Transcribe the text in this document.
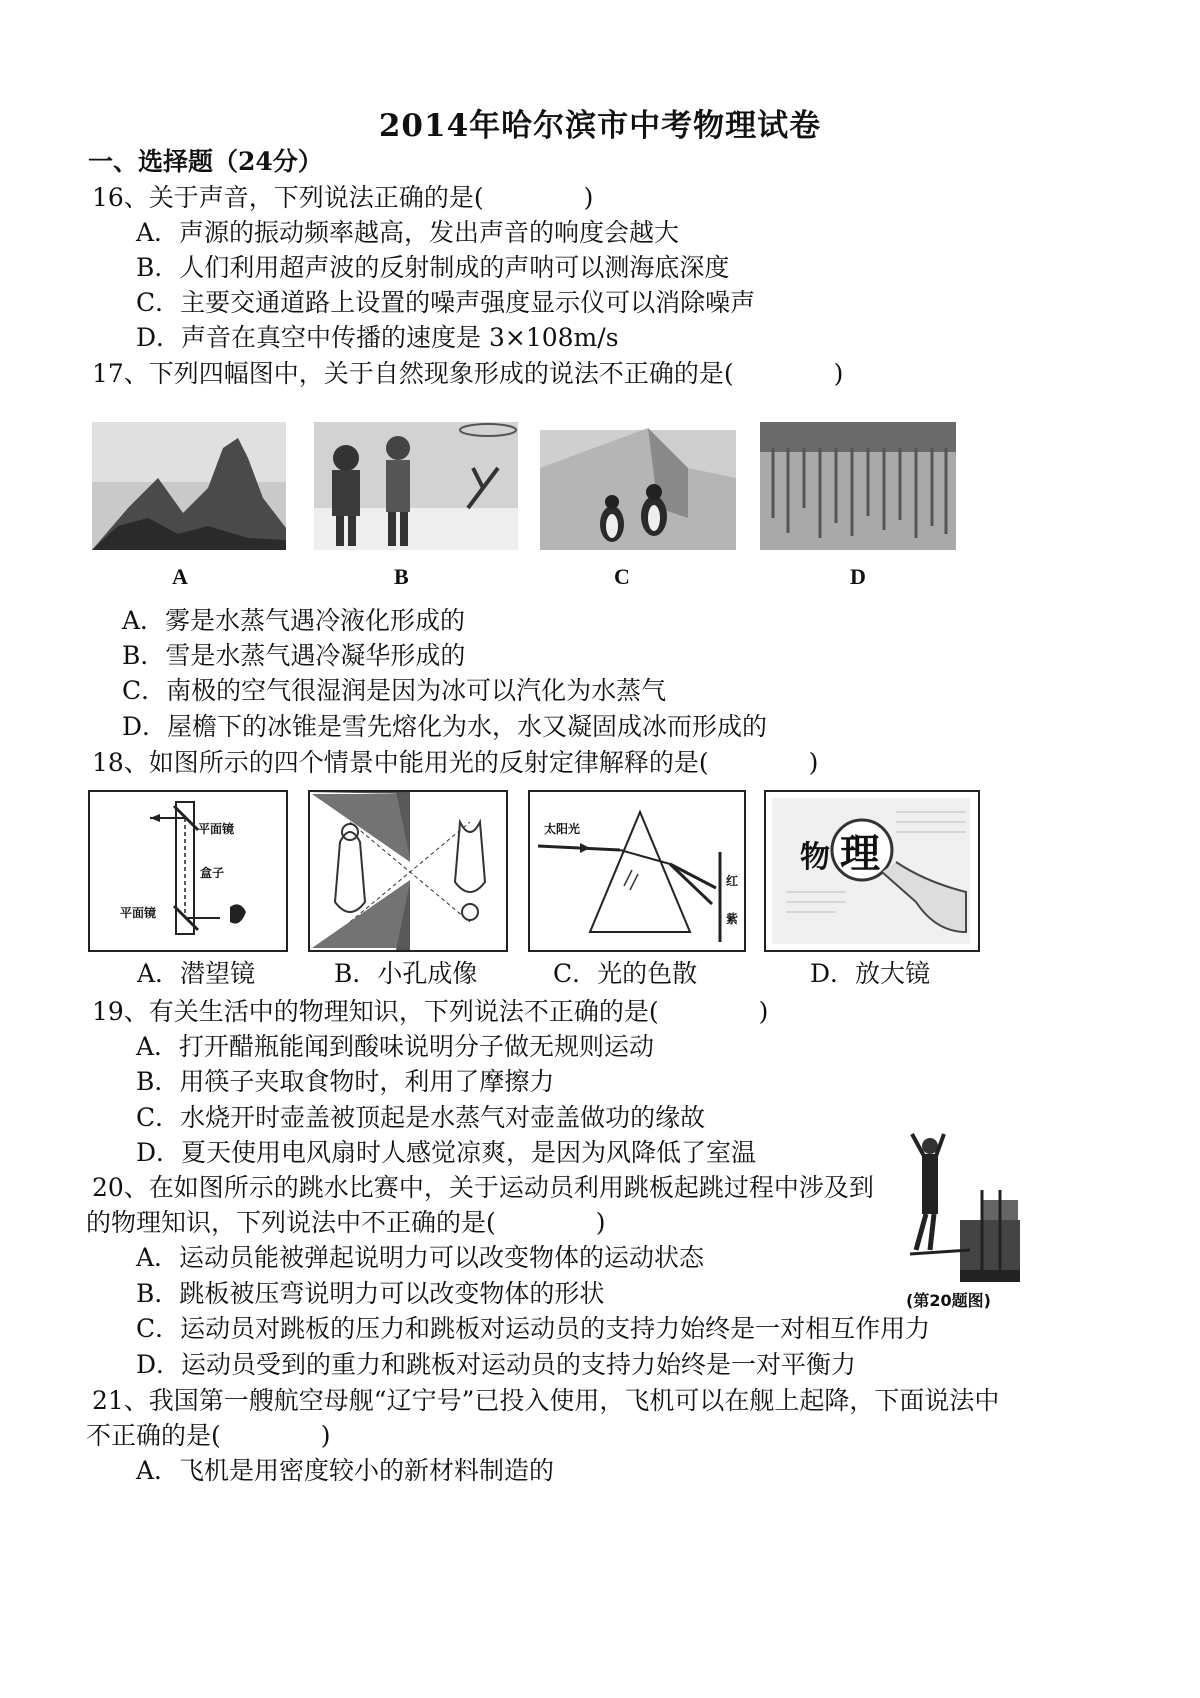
2014年哈尔滨市中考物理试卷
一、选择题（24分）
16、关于声音，下列说法正确的是(　　　　)
A．声源的振动频率越高，发出声音的响度会越大
B．人们利用超声波的反射制成的声呐可以测海底深度
C．主要交通道路上设置的噪声强度显示仪可以消除噪声
D．声音在真空中传播的速度是 3×108m/s
17、下列四幅图中，关于自然现象形成的说法不正确的是(　　　　)
A	B	C	D
A．雾是水蒸气遇冷液化形成的
B．雪是水蒸气遇冷凝华形成的
C．南极的空气很湿润是因为冰可以汽化为水蒸气
D．屋檐下的冰锥是雪先熔化为水，水又凝固成冰而形成的
18、如图所示的四个情景中能用光的反射定律解释的是(　　　　)
平面镜
盒子
平面镜
太阳光
红
紫
物 理
A．潜望镜	B．小孔成像	C．光的色散	D．放大镜
19、有关生活中的物理知识，下列说法不正确的是(　　　　)
A．打开醋瓶能闻到酸味说明分子做无规则运动
B．用筷子夹取食物时，利用了摩擦力
C．水烧开时壶盖被顶起是水蒸气对壶盖做功的缘故
D．夏天使用电风扇时人感觉凉爽，是因为风降低了室温
(第20题图)
20、在如图所示的跳水比赛中，关于运动员利用跳板起跳过程中涉及到
的物理知识，下列说法中不正确的是(　　　　)
A．运动员能被弹起说明力可以改变物体的运动状态
B．跳板被压弯说明力可以改变物体的形状
C．运动员对跳板的压力和跳板对运动员的支持力始终是一对相互作用力
D．运动员受到的重力和跳板对运动员的支持力始终是一对平衡力
21、我国第一艘航空母舰“辽宁号”已投入使用，飞机可以在舰上起降，下面说法中
不正确的是(　　　　)
A．飞机是用密度较小的新材料制造的
